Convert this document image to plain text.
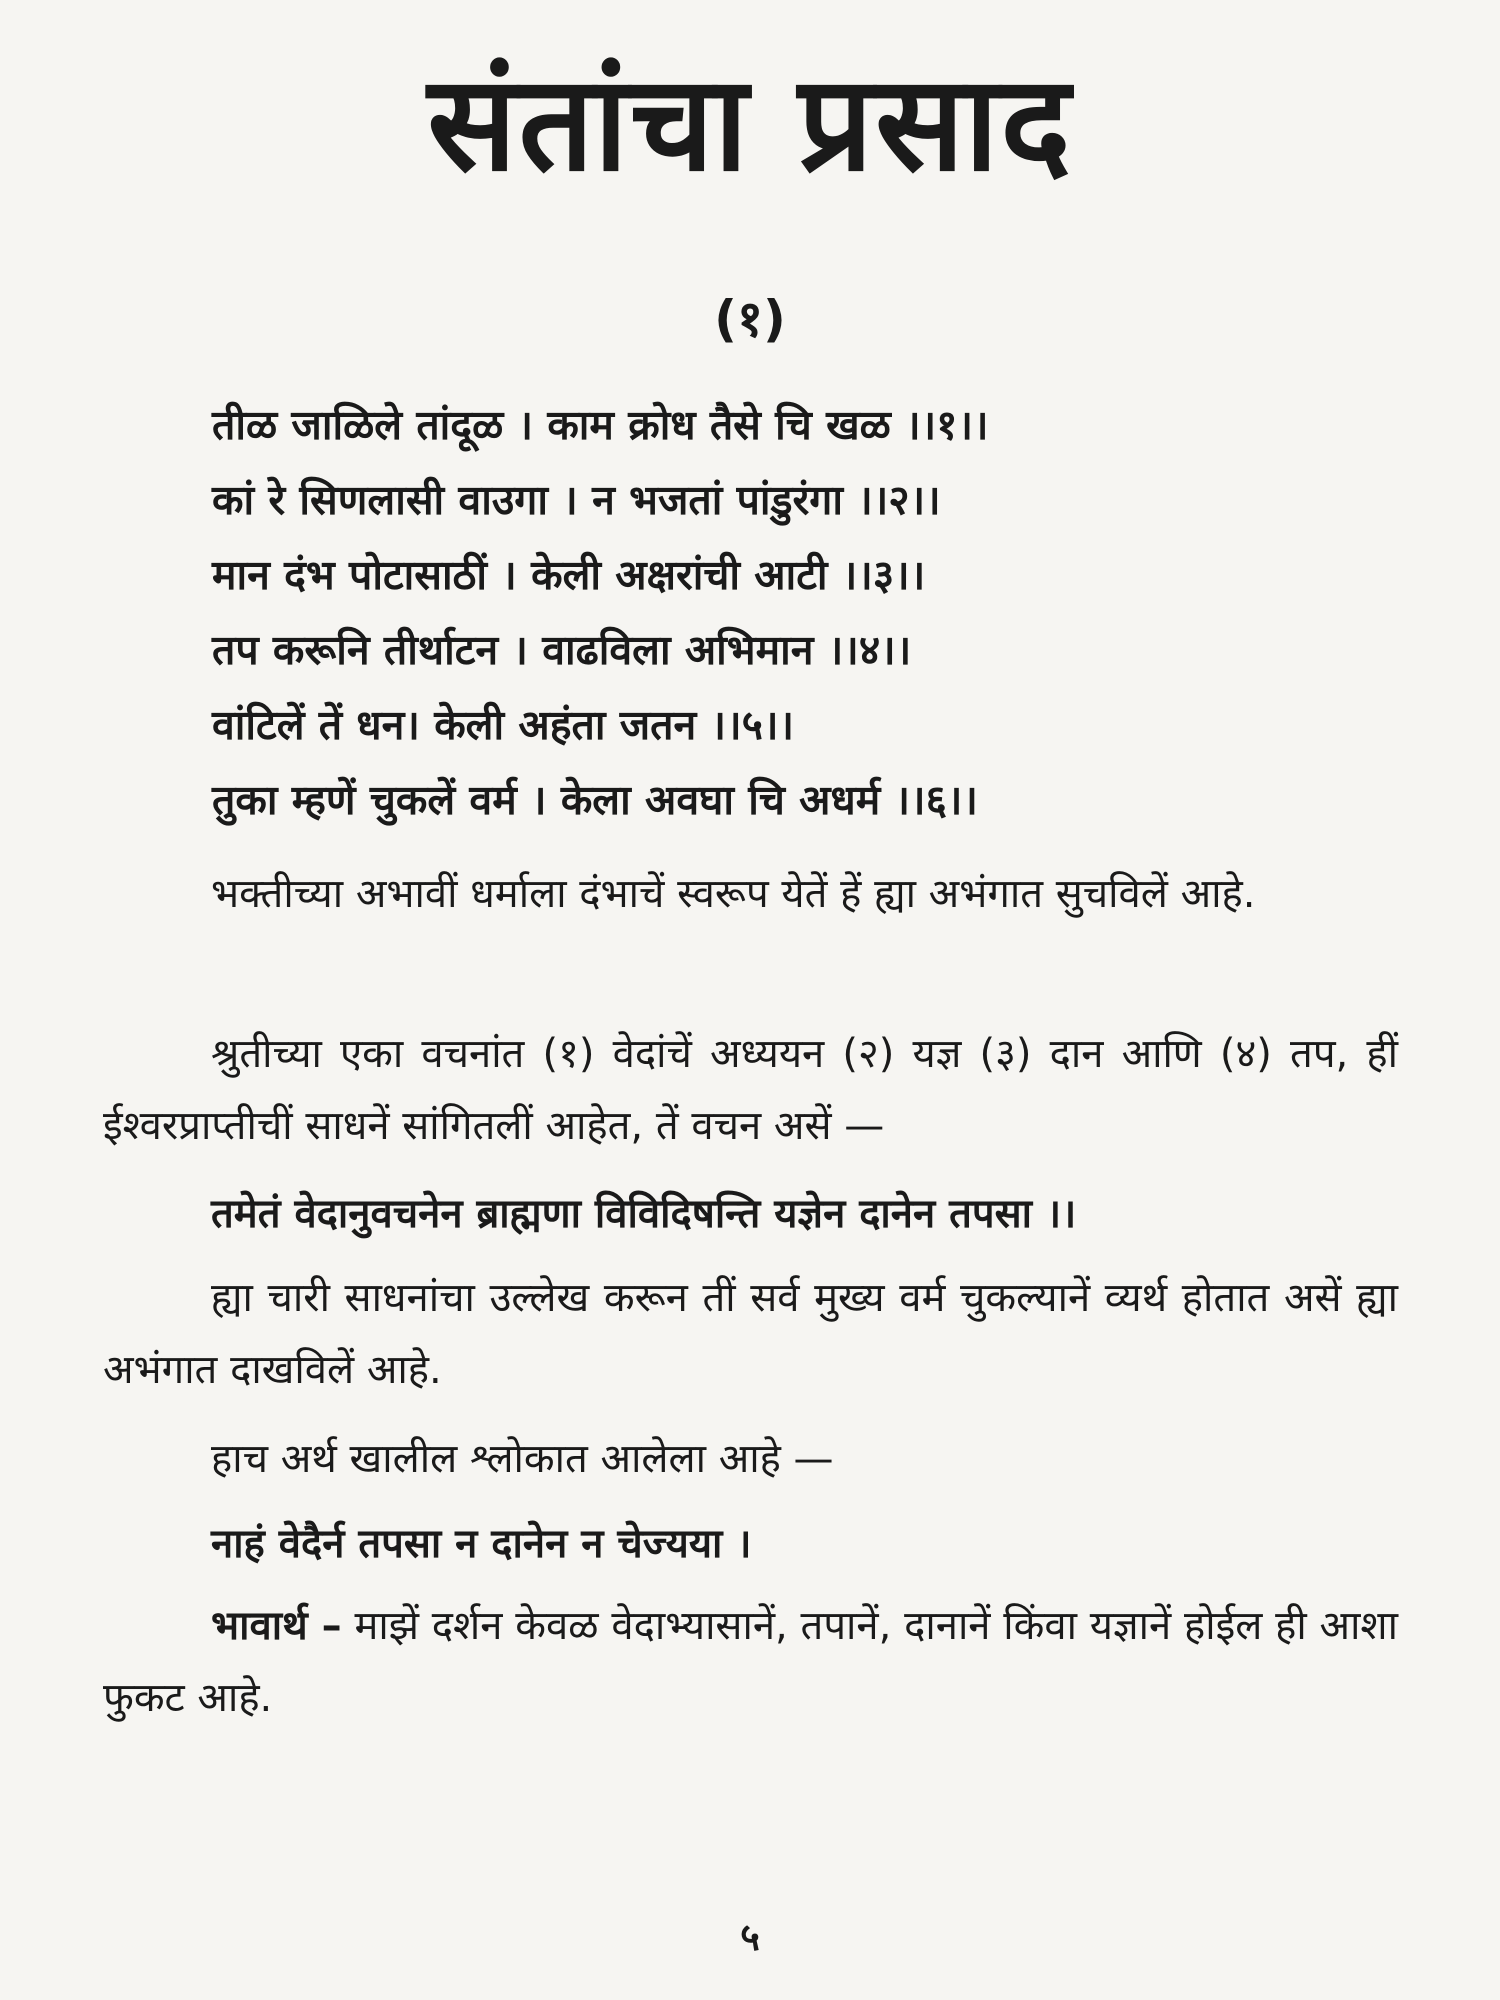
संतांचा प्रसाद
(१)
तीळ जाळिले तांदूळ । काम क्रोध तैसे चि खळ ।।१।।
कां रे सिणलासी वाउगा । न भजतां पांडुरंगा ।।२।।
मान दंभ पोटासाठीं । केली अक्षरांची आटी ।।३।।
तप करूनि तीर्थाटन । वाढविला अभिमान ।।४।।
वांटिलें तें धन। केली अहंता जतन ।।५।।
तुका म्हणें चुकलें वर्म । केला अवघा चि अधर्म ।।६।।

भक्तीच्या अभावीं धर्माला दंभाचें स्वरूप येतें हें ह्या अभंगात सुचविलें आहे.

श्रुतीच्या एका वचनांत (१) वेदांचें अध्ययन (२) यज्ञ (३) दान आणि (४) तप, हीं ईश्वरप्राप्तीचीं साधनें सांगितलीं आहेत, तें वचन असें —

तमेतं वेदानुवचनेन ब्राह्मणा विविदिषन्ति यज्ञेन दानेन तपसा ।।

ह्या चारी साधनांचा उल्लेख करून तीं सर्व मुख्य वर्म चुकल्यानें व्यर्थ होतात असें ह्या अभंगात दाखविलें आहे.

हाच अर्थ खालील श्लोकात आलेला आहे —

नाहं वेदैर्न तपसा न दानेन न चेज्यया ।

भावार्थ – माझें दर्शन केवळ वेदाभ्यासानें, तपानें, दानानें किंवा यज्ञानें होईल ही आशा फुकट आहे.

५
